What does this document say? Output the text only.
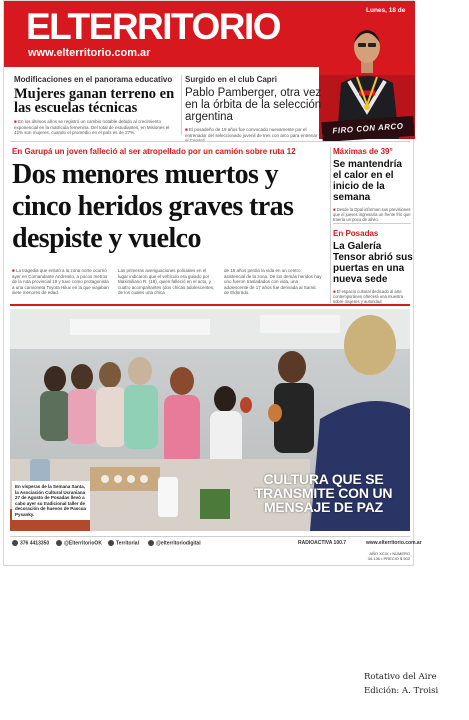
ELTERRITORIO
www.elterritorio.com.ar
Lunes, 18 de
FIRO CON ARCO
Modificaciones en el panorama educativo
Mujeres ganan terreno en las escuelas técnicas
■ En los últimos años se registró un cambio notable debido al crecimiento exponencial en la matrícula femenina. Del total de estudiantes, en Misiones el 42% son mujeres, cuando el promedio en el país es de 27%.
Surgido en el club Capri
Pablo Pamberger, otra vez en la órbita de la selección argentina
■ El posadeño de 19 años fue convocado nuevamente por el entrenador del seleccionado juvenil de tres con arco para entrenar en
En Garupá un joven falleció al ser atropellado por un camión sobre ruta 12
Dos menores muertos y cinco heridos graves tras despiste y vuelco
■ La tragedia que enlutó a la zona norte ocurrió ayer en Comandante Andresito, a pocos metros de la ruta provincial 19 y tuvo como protagonista a una camioneta Toyota Hilux en la que viajaban siete menores de edad.
Las primeras averiguaciones policiales en el lugar indicaron que el vehículo era guiado por Maximiliano R. (18), quien falleció en el acto, y cuatro acompañantes (dos chicas adolescentes, de los cuales una chica
de 15 años perdió la vida en un centro asistencial de la zona. De los demás heridos hay uno fueron trasladados con vida, una adolescente de 17 años fue derivada al Samic de Eldorado.
Máximas de 39°
Se mantendría el calor en el inicio de la semana
■ Desde la Dpal informan sus previsiones que el jueves ingresaría un frente frío que traería un poco de alivio.
En Posadas
La Galería Tensor abrió sus puertas en una nueva sede
■ El espacio cultural dedicado al arte contemporáneo ofrecerá una muestra sobre mujeres y autoridad.
En vísperas de la Semana Santa, la Asociación Cultural Ucraniana 27 de Agosto de Posadas llevó a cabo ayer su tradicional taller de decoración de huevos de Pascua Pysanky.
CULTURA QUE SE TRANSMITE CON UN MENSAJE DE PAZ
376 4413350	@ElterritorioOK	Territorial	@elterritoriodigital	RADIOACTIVA 100.7	www.elterritorio.com.ar
AÑO XCIX • NÚMERO 34.136 • PRECIO $ 500
Rotativo del Aire
Edición: A. Troisi
